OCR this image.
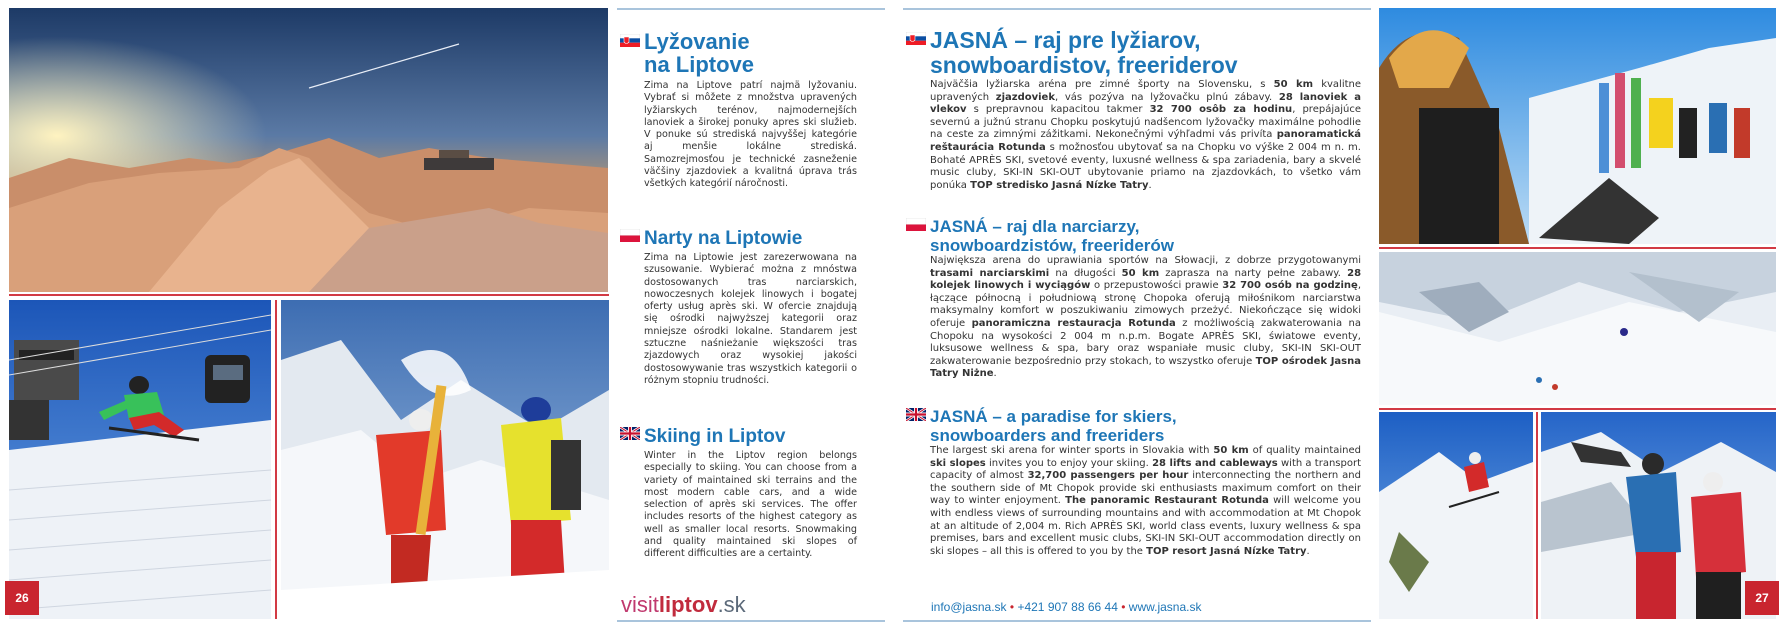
26
Lyžovanie
na Liptove

Zima na Liptove patrí najmä lyžovaniu. Vybrať si môžete z množstva upravených lyžiarskych terénov, najmodernejších lanoviek a širokej ponuky apres ski služieb. V ponuke sú strediská najvyššej kategórie aj menšie lokálne strediská. Samozrejmosťou je technické zasneženie väčšiny zjazdoviek a kvalitná úprava trás všetkých kategórií náročnosti.

Narty na Liptowie

Zima na Liptowie jest zarezerwowana na szusowanie. Wybierać można z mnóstwa dostosowanych tras narciarskich, nowoczesnych kolejek linowych i bogatej oferty usług après ski. W ofercie znajdują się ośrodki najwyższej kategorii oraz mniejsze ośrodki lokalne. Standarem jest sztuczne naśnieżanie większości tras zjazdowych oraz wysokiej jakości dostosowywanie tras wszystkich kategorii o różnym stopniu trudności.

Skiing in Liptov

Winter in the Liptov region belongs especially to skiing. You can choose from a variety of maintained ski terrains and the most modern cable cars, and a wide selection of après ski services. The offer includes resorts of the highest category as well as smaller local resorts. Snowmaking and quality maintained ski slopes of different difficulties are a certainty.

visitliptov.sk
JASNÁ – raj pre lyžiarov,
snowboardistov, freeriderov

Najväčšia lyžiarska aréna pre zimné športy na Slovensku, s 50 km kvalitne upravených zjazdoviek, vás pozýva na lyžovačku plnú zábavy. 28 lanoviek a vlekov s prepravnou kapacitou takmer 32 700 osôb za hodinu, prepájajúce severnú a južnú stranu Chopku poskytujú nadšencom lyžovačky maximálne pohodlie na ceste za zimnými zážitkami. Nekonečnými výhľadmi vás privíta panoramatická reštaurácia Rotunda s možnosťou ubytovať sa na Chopku vo výške 2 004 m n. m. Bohaté APRÈS SKI, svetové eventy, luxusné wellness & spa zariadenia, bary a skvelé music cluby, SKI-IN SKI-OUT ubytovanie priamo na zjazdovkách, to všetko vám ponúka TOP stredisko Jasná Nízke Tatry.

JASNÁ – raj dla narciarzy,
snowboardzistów, freeriderów

Największa arena do uprawiania sportów na Słowacji, z dobrze przygotowanymi trasami narciarskimi na długości 50 km zaprasza na narty pełne zabawy. 28 kolejek linowych i wyciągów o przepustowości prawie 32 700 osób na godzinę, łączące północną i południową stronę Chopoka oferują miłośnikom narciarstwa maksymalny komfort w poszukiwaniu zimowych przeżyć. Niekończące się widoki oferuje panoramiczna restauracja Rotunda z możliwością zakwaterowania na Chopoku na wysokości 2 004 m n.p.m. Bogate APRÈS SKI, światowe eventy, luksusowe wellness & spa, bary oraz wspaniałe music cluby, SKI-IN SKI-OUT zakwaterowanie bezpośrednio przy stokach, to wszystko oferuje TOP ośrodek Jasna Tatry Niżne.

JASNÁ – a paradise for skiers,
snowboarders and freeriders

The largest ski arena for winter sports in Slovakia with 50 km of quality maintained ski slopes invites you to enjoy your skiing. 28 lifts and cableways with a transport capacity of almost 32,700 passengers per hour interconnecting the northern and the southern side of Mt Chopok provide ski enthusiasts maximum comfort on their way to winter enjoyment. The panoramic Restaurant Rotunda will welcome you with endless views of surrounding mountains and with accommodation at Mt Chopok at an altitude of 2,004 m. Rich APRÈS SKI, world class events, luxury wellness & spa premises, bars and excellent music clubs, SKI-IN SKI-OUT accommodation directly on ski slopes – all this is offered to you by the TOP resort Jasná Nízke Tatry.

info@jasna.sk • +421 907 88 66 44 • www.jasna.sk
27
